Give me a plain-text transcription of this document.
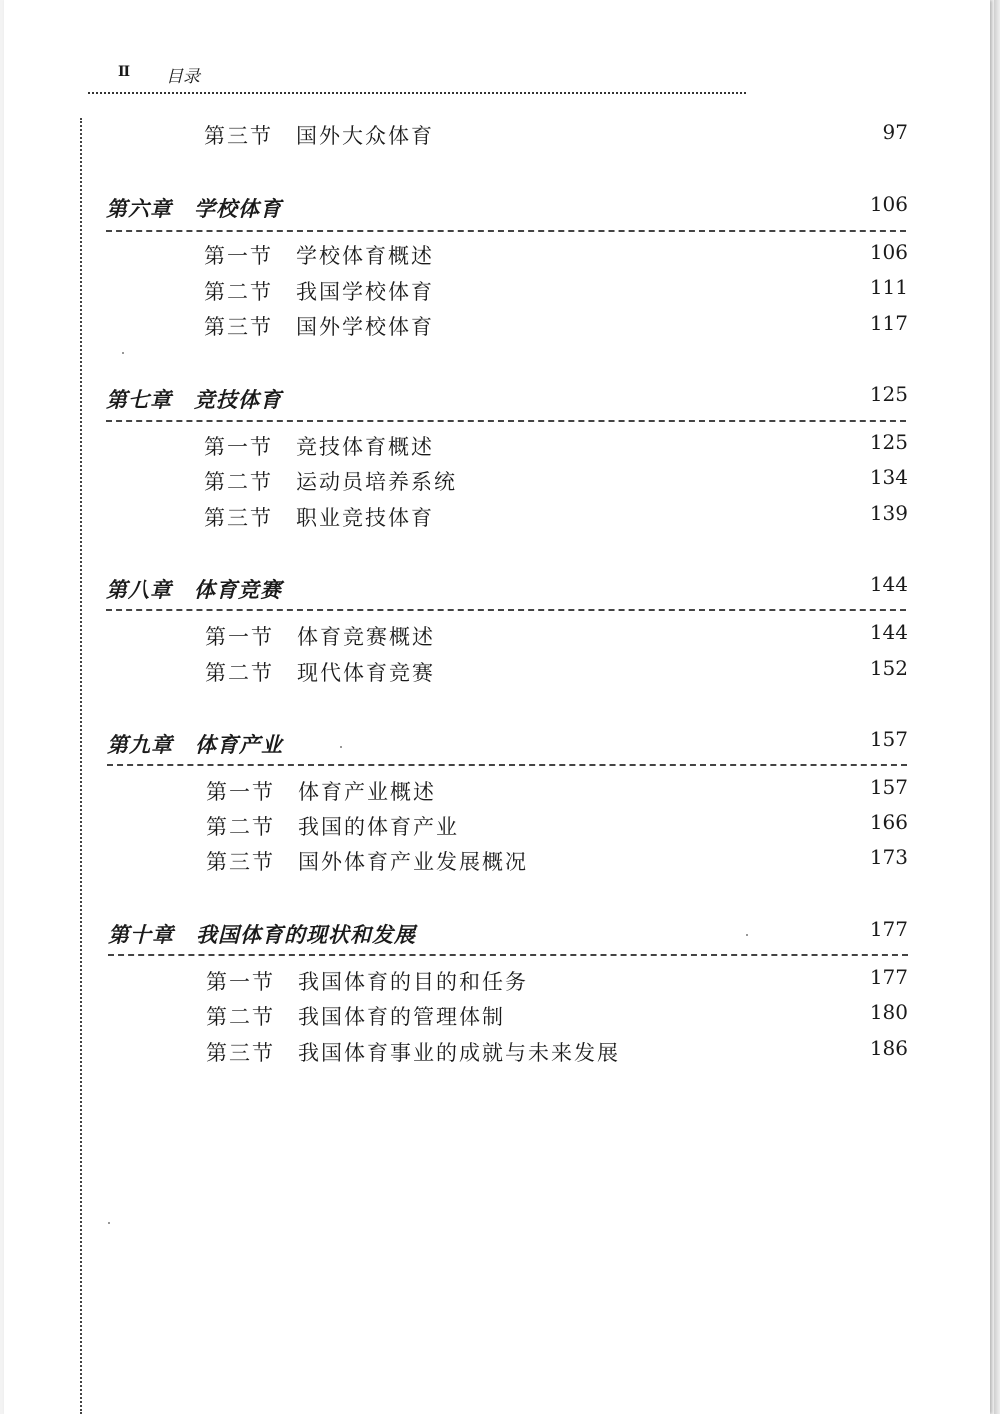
II 目录
第三节　国外大众体育	97
第六章　学校体育	106
第一节　学校体育概述	106
第二节　我国学校体育	111
第三节　国外学校体育	117
第七章　竞技体育	125
第一节　竞技体育概述	125
第二节　运动员培养系统	134
第三节　职业竞技体育	139
第八章　体育竞赛	144
第一节　体育竞赛概述	144
第二节　现代体育竞赛	152
第九章　体育产业	157
第一节　体育产业概述	157
第二节　我国的体育产业	166
第三节　国外体育产业发展概况	173
第十章　我国体育的现状和发展	177
第一节　我国体育的目的和任务	177
第二节　我国体育的管理体制	180
第三节　我国体育事业的成就与未来发展	186
